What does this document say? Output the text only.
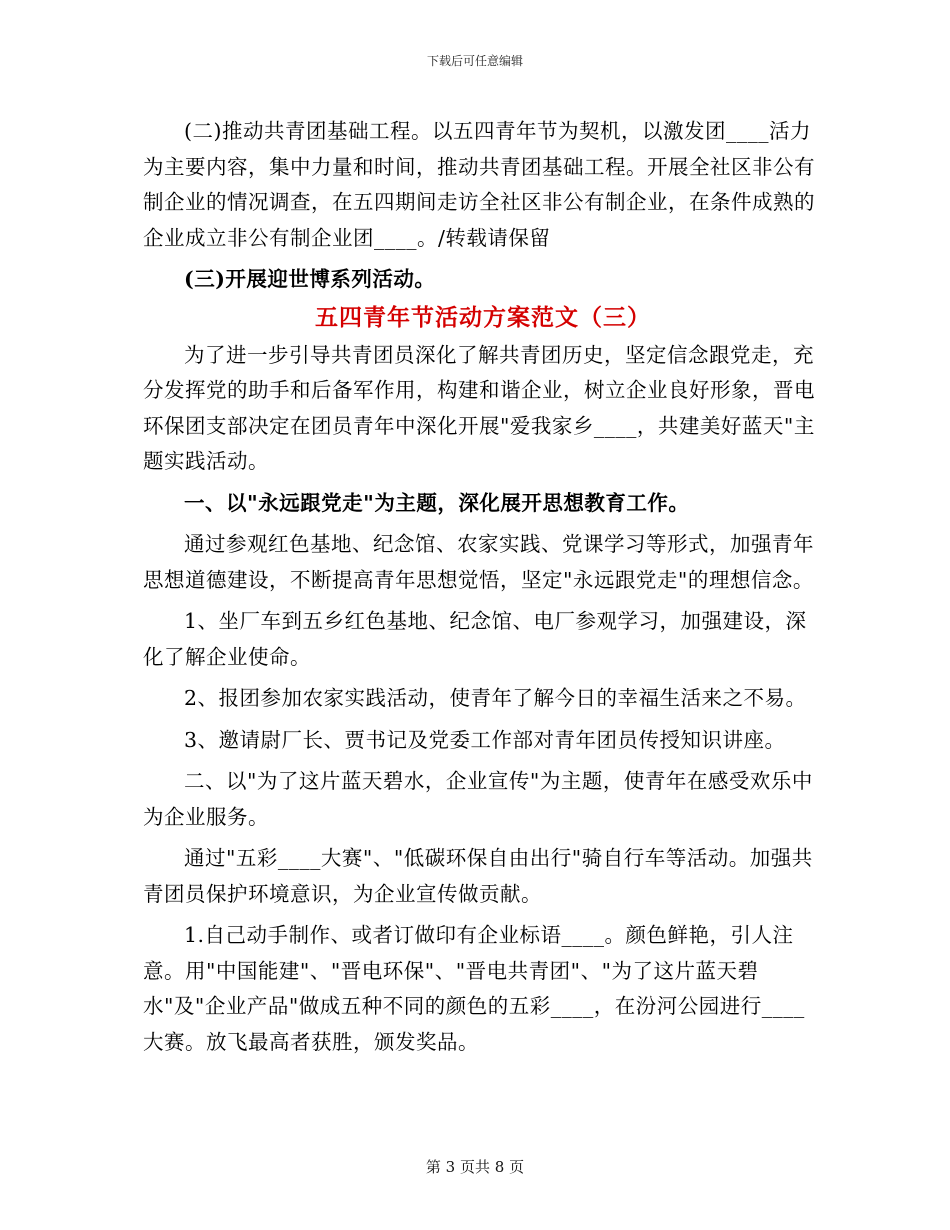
下载后可任意编辑

(二)推动共青团基础工程。以五四青年节为契机，以激发团____活力为主要内容，集中力量和时间，推动共青团基础工程。开展全社区非公有制企业的情况调查，在五四期间走访全社区非公有制企业，在条件成熟的企业成立非公有制企业团____。/转载请保留

(三)开展迎世博系列活动。

五四青年节活动方案范文（三）

为了进一步引导共青团员深化了解共青团历史，坚定信念跟党走，充分发挥党的助手和后备军作用，构建和谐企业，树立企业良好形象，晋电环保团支部决定在团员青年中深化开展"爱我家乡____，共建美好蓝天"主题实践活动。

一、以"永远跟党走"为主题，深化展开思想教育工作。

通过参观红色基地、纪念馆、农家实践、党课学习等形式，加强青年思想道德建设，不断提高青年思想觉悟，坚定"永远跟党走"的理想信念。

1、坐厂车到五乡红色基地、纪念馆、电厂参观学习，加强建设，深化了解企业使命。

2、报团参加农家实践活动，使青年了解今日的幸福生活来之不易。

3、邀请尉厂长、贾书记及党委工作部对青年团员传授知识讲座。

二、以"为了这片蓝天碧水，企业宣传"为主题，使青年在感受欢乐中为企业服务。

通过"五彩____大赛"、"低碳环保自由出行"骑自行车等活动。加强共青团员保护环境意识，为企业宣传做贡献。

1.自己动手制作、或者订做印有企业标语____。颜色鲜艳，引人注意。用"中国能建"、"晋电环保"、"晋电共青团"、"为了这片蓝天碧水"及"企业产品"做成五种不同的颜色的五彩____，在汾河公园进行____大赛。放飞最高者获胜，颁发奖品。

第 3 页共 8 页
